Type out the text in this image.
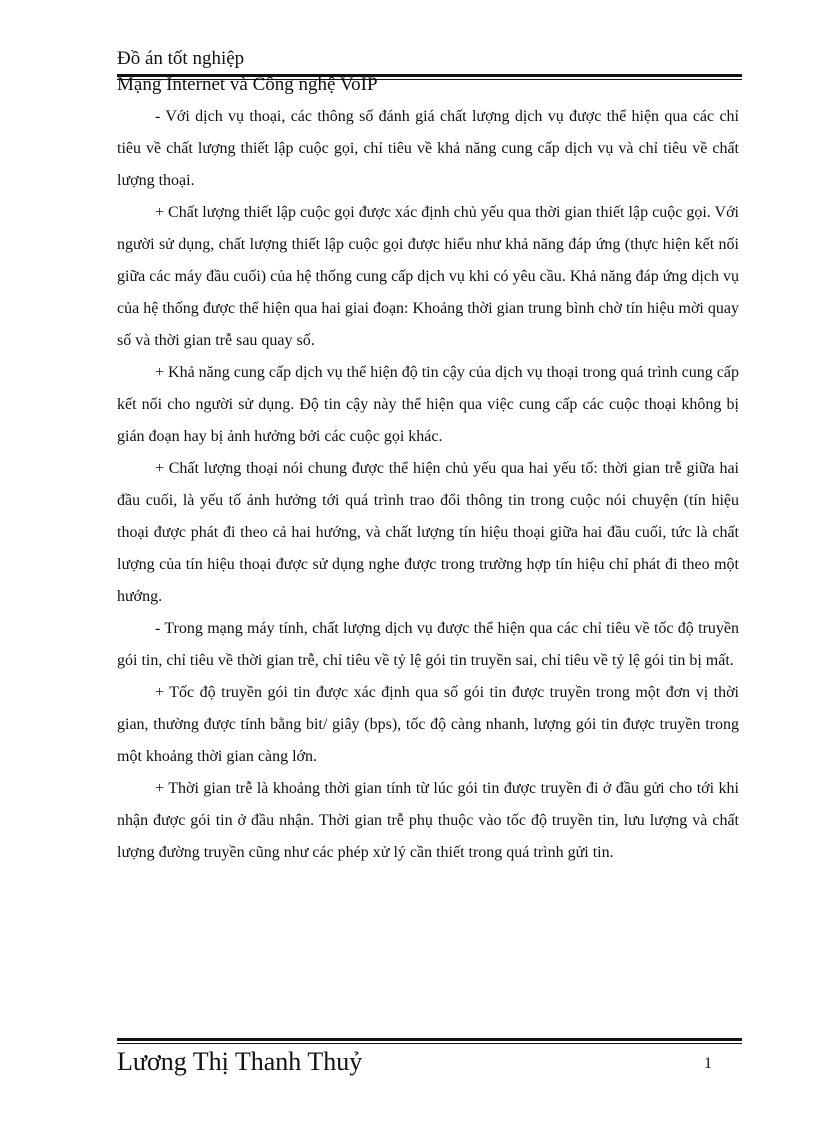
Đồ án tốt nghiệp
Mạng Internet và Công nghệ VoIP

- Với dịch vụ thoại, các thông số đánh giá chất lượng dịch vụ được thể hiện qua các chỉ tiêu về chất lượng thiết lập cuộc gọi, chỉ tiêu về khả năng cung cấp dịch vụ và chỉ tiêu về chất lượng thoại.

+ Chất lượng thiết lập cuộc gọi được xác định chủ yếu qua thời gian thiết lập cuộc gọi. Với người sử dụng, chất lượng thiết lập cuộc gọi được hiểu như khả năng đáp ứng (thực hiện kết nối giữa các máy đầu cuối) của hệ thống cung cấp dịch vụ khi có yêu cầu. Khả năng đáp ứng dịch vụ của hệ thống được thể hiện qua hai giai đoạn: Khoảng thời gian trung bình chờ tín hiệu mời quay số và thời gian trễ sau quay số.

+ Khả năng cung cấp dịch vụ thể hiện độ tin cậy của dịch vụ thoại trong quá trình cung cấp kết nối cho người sử dụng. Độ tin cậy này thể hiện qua việc cung cấp các cuộc thoại không bị gián đoạn hay bị ảnh hưởng bởi các cuộc gọi khác.

+ Chất lượng thoại nói chung được thể hiện chủ yếu qua hai yếu tố: thời gian trễ giữa hai đầu cuối, là yếu tố ảnh hưởng tới quá trình trao đổi thông tin trong cuộc nói chuyện (tín hiệu thoại được phát đi theo cả hai hướng, và chất lượng tín hiệu thoại giữa hai đầu cuối, tức là chất lượng của tín hiệu thoại được sử dụng nghe được trong trường hợp tín hiệu chỉ phát đi theo một hướng.

- Trong mạng máy tính, chất lượng dịch vụ được thể hiện qua các chỉ tiêu về tốc độ truyền gói tin, chỉ tiêu về thời gian trễ, chỉ tiêu về tỷ lệ gói tin truyền sai, chỉ tiêu về tỷ lệ gói tin bị mất.

+ Tốc độ truyền gói tin được xác định qua số gói tin được truyền trong một đơn vị thời gian, thường được tính bằng bit/ giây (bps), tốc độ càng nhanh, lượng gói tin được truyền trong một khoảng thời gian càng lớn.

+ Thời gian trễ là khoảng thời gian tính từ lúc gói tin được truyền đi ở đầu gửi cho tới khi nhận được gói tin ở đầu nhận. Thời gian trễ phụ thuộc vào tốc độ truyền tin, lưu lượng và chất lượng đường truyền cũng như các phép xử lý cần thiết trong quá trình gửi tin.

Lương Thị Thanh Thuỷ	1
